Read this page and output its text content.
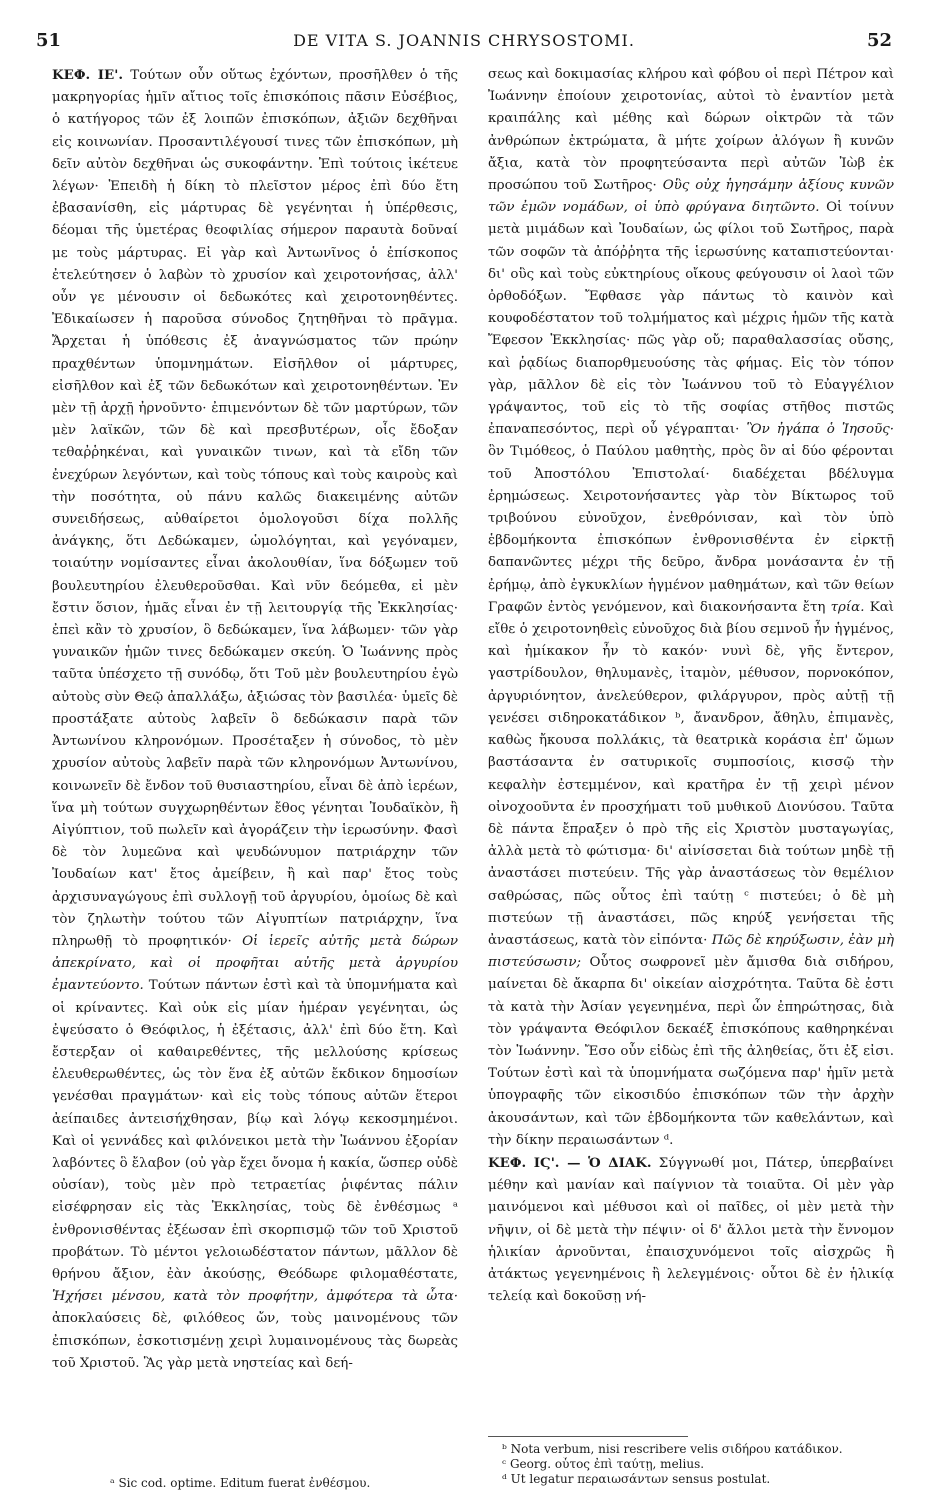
51	DE VITA S. JOANNIS CHRYSOSTOMI.	52

ΚΕΦ. ΙΕ'. Τούτων οὖν οὕτως ἐχόντων, προσῆλθεν ὁ τῆς μακρηγορίας ἡμῖν αἴτιος τοῖς ἐπισκόποις πᾶσιν Εὐσέβιος, ὁ κατήγορος τῶν ἐξ λοιπῶν ἐπισκόπων, ἀξιῶν δεχθῆναι εἰς κοινωνίαν. Προσαντιλέγουσί τινες τῶν ἐπισκόπων, μὴ δεῖν αὐτὸν δεχθῆναι ὡς συκοφάντην. Ἐπὶ τούτοις ἱκέτευε λέγων· Ἐπειδὴ ἡ δίκη τὸ πλεῖστον μέρος ἐπὶ δύο ἔτη ἐβασανίσθη, εἰς μάρτυρας δὲ γεγένηται ἡ ὑπέρθεσις, δέομαι τῆς ὑμετέρας θεοφιλίας σήμερον παραυτὰ δοῦναί με τοὺς μάρτυρας. Εἰ γὰρ καὶ Ἀντωνῖνος ὁ ἐπίσκοπος ἐτελεύτησεν ὁ λαβὼν τὸ χρυσίον καὶ χειροτονήσας, ἀλλ' οὖν γε μένουσιν οἱ δεδωκότες καὶ χειροτονηθέντες. Ἐδικαίωσεν ἡ παροῦσα σύνοδος ζητηθῆναι τὸ πρᾶγμα. Ἄρχεται ἡ ὑπόθεσις ἐξ ἀναγνώσματος τῶν πρώην πραχθέντων ὑπομνημάτων. Εἰσῆλθον οἱ μάρτυρες, εἰσῆλθον καὶ ἐξ τῶν δεδωκότων καὶ χειροτονηθέντων. Ἐν μὲν τῇ ἀρχῇ ἠρνοῦντο· ἐπιμενόντων δὲ τῶν μαρτύρων, τῶν μὲν λαϊκῶν, τῶν δὲ καὶ πρεσβυτέρων, οἷς ἔδοξαν τεθαῤῥηκέναι, καὶ γυναικῶν τινων, καὶ τὰ εἴδη τῶν ἐνεχύρων λεγόντων, καὶ τοὺς τόπους καὶ τοὺς καιροὺς καὶ τὴν ποσότητα, οὐ πάνυ καλῶς διακειμένης αὐτῶν συνειδήσεως, αὐθαίρετοι ὁμολογοῦσι δίχα πολλῆς ἀνάγκης, ὅτι Δεδώκαμεν, ὡμολόγηται, καὶ γεγόναμεν, τοιαύτην νομίσαντες εἶναι ἀκολουθίαν, ἵνα δόξωμεν τοῦ βουλευτηρίου ἐλευθεροῦσθαι. Καὶ νῦν δεόμεθα, εἰ μὲν ἔστιν ὅσιον, ἡμᾶς εἶναι ἐν τῇ λειτουργίᾳ τῆς Ἐκκλησίας· ἐπεὶ κἂν τὸ χρυσίον, ὃ δεδώκαμεν, ἵνα λάβωμεν· τῶν γὰρ γυναικῶν ἡμῶν τινες δεδώκαμεν σκεύη. Ὁ Ἰωάννης πρὸς ταῦτα ὑπέσχετο τῇ συνόδῳ, ὅτι Τοῦ μὲν βουλευτηρίου ἐγὼ αὐτοὺς σὺν Θεῷ ἀπαλλάξω, ἀξιώσας τὸν βασιλέα· ὑμεῖς δὲ προστάξατε αὐτοὺς λαβεῖν ὃ δεδώκασιν παρὰ τῶν Ἀντωνίνου κληρονόμων. Προσέταξεν ἡ σύνοδος, τὸ μὲν χρυσίον αὐτοὺς λαβεῖν παρὰ τῶν κληρονόμων Ἀντωνίνου, κοινωνεῖν δὲ ἔνδον τοῦ θυσιαστηρίου, εἶναι δὲ ἀπὸ ἱερέων, ἵνα μὴ τούτων συγχωρηθέντων ἔθος γένηται Ἰουδαϊκὸν, ἢ Αἰγύπτιον, τοῦ πωλεῖν καὶ ἀγοράζειν τὴν ἱερωσύνην. Φασὶ δὲ τὸν λυμεῶνα καὶ ψευδώνυμον πατριάρχην τῶν Ἰουδαίων κατ' ἔτος ἀμείβειν, ἢ καὶ παρ' ἔτος τοὺς ἀρχισυναγώγους ἐπὶ συλλογῇ τοῦ ἀργυρίου, ὁμοίως δὲ καὶ τὸν ζηλωτὴν τούτου τῶν Αἰγυπτίων πατριάρχην, ἵνα πληρωθῇ τὸ προφητικόν· Οἱ ἱερεῖς αὐτῆς μετὰ δώρων ἀπεκρίνατο, καὶ οἱ προφῆται αὐτῆς μετὰ ἀργυρίου ἐμαντεύοντο. Τούτων πάντων ἐστὶ καὶ τὰ ὑπομνήματα καὶ οἱ κρίναντες. Καὶ οὐκ εἰς μίαν ἡμέραν γεγένηται, ὡς ἐψεύσατο ὁ Θεόφιλος, ἡ ἐξέτασις, ἀλλ' ἐπὶ δύο ἔτη. Καὶ ἔστερξαν οἱ καθαιρεθέντες, τῆς μελλούσης κρίσεως ἐλευθερωθέντες, ὡς τὸν ἕνα ἐξ αὐτῶν ἔκδικον δημοσίων γενέσθαι πραγμάτων· καὶ εἰς τοὺς τόπους αὐτῶν ἕτεροι ἀείπαιδες ἀντεισήχθησαν, βίῳ καὶ λόγῳ κεκοσμημένοι. Καὶ οἱ γεννάδες καὶ φιλόνεικοι μετὰ τὴν Ἰωάννου ἐξορίαν λαβόντες ὃ ἔλαβον (οὐ γὰρ ἔχει ὄνομα ἡ κακία, ὥσπερ οὐδὲ οὐσίαν), τοὺς μὲν πρὸ τετραετίας ῥιφέντας πάλιν εἰσέφρησαν εἰς τὰς Ἐκκλησίας, τοὺς δὲ ἐνθέσμως ᵃ ἐνθρονισθέντας ἐξέωσαν ἐπὶ σκορπισμῷ τῶν τοῦ Χριστοῦ προβάτων. Τὸ μέντοι γελοιωδέστατον πάντων, μᾶλλον δὲ θρήνου ἄξιον, ἐὰν ἀκούσῃς, Θεόδωρε φιλομαθέστατε, Ἠχήσει μένσου, κατὰ τὸν προφήτην, ἀμφότερα τὰ ὦτα· ἀποκλαύσεις δὲ, φιλόθεος ὤν, τοὺς μαινομένους τῶν ἐπισκόπων, ἐσκοτισμένῃ χειρὶ λυμαινομένους τὰς δωρεὰς τοῦ Χριστοῦ. Ἃς γὰρ μετὰ νηστείας καὶ δεή-

σεως καὶ δοκιμασίας κλήρου καὶ φόβου οἱ περὶ Πέτρον καὶ Ἰωάννην ἐποίουν χειροτονίας, αὐτοὶ τὸ ἐναντίον μετὰ κραιπάλης καὶ μέθης καὶ δώρων οἰκτρῶν τὰ τῶν ἀνθρώπων ἐκτρώματα, ἃ μήτε χοίρων ἀλόγων ἢ κυνῶν ἄξια, κατὰ τὸν προφητεύσαντα περὶ αὐτῶν Ἰὼβ ἐκ προσώπου τοῦ Σωτῆρος· Οὓς οὐχ ἡγησάμην ἀξίους κυνῶν τῶν ἐμῶν νομάδων, οἱ ὑπὸ φρύγανα διητῶντο. Οἱ τοίνυν μετὰ μιμάδων καὶ Ἰουδαίων, ὡς φίλοι τοῦ Σωτῆρος, παρὰ τῶν σοφῶν τὰ ἀπόῤῥητα τῆς ἱερωσύνης καταπιστεύονται· δι' οὓς καὶ τοὺς εὐκτηρίους οἴκους φεύγουσιν οἱ λαοὶ τῶν ὀρθοδόξων. Ἔφθασε γὰρ πάντως τὸ καινὸν καὶ κουφοδέστατον τοῦ τολμήματος καὶ μέχρις ἡμῶν τῆς κατὰ Ἔφεσον Ἐκκλησίας· πῶς γὰρ οὔ; παραθαλασσίας οὔσης, καὶ ῥᾳδίως διαπορθμευούσης τὰς φήμας. Εἰς τὸν τόπον γὰρ, μᾶλλον δὲ εἰς τὸν Ἰωάννου τοῦ τὸ Εὐαγγέλιον γράψαντος, τοῦ εἰς τὸ τῆς σοφίας στῆθος πιστῶς ἐπαναπεσόντος, περὶ οὗ γέγραπται· Ὃν ἠγάπα ὁ Ἰησοῦς· ὃν Τιμόθεος, ὁ Παύλου μαθητὴς, πρὸς ὃν αἱ δύο φέρονται τοῦ Ἀποστόλου Ἐπιστολαί· διαδέχεται βδέλυγμα ἐρημώσεως. Χειροτονήσαντες γὰρ τὸν Βίκτωρος τοῦ τριβούνου εὐνοῦχον, ἐνεθρόνισαν, καὶ τὸν ὑπὸ ἑβδομήκοντα ἐπισκόπων ἐνθρονισθέντα ἐν εἱρκτῇ δαπανῶντες μέχρι τῆς δεῦρο, ἄνδρα μονάσαντα ἐν τῇ ἐρήμῳ, ἀπὸ ἐγκυκλίων ἡγμένον μαθημάτων, καὶ τῶν θείων Γραφῶν ἐντὸς γενόμενον, καὶ διακονήσαντα ἔτη τρία. Καὶ εἴθε ὁ χειροτονηθεὶς εὐνοῦχος διὰ βίου σεμνοῦ ἦν ἡγμένος, καὶ ἠμίκακον ἦν τὸ κακόν· νυνὶ δὲ, γῆς ἔντερον, γαστρίδουλον, θηλυμανὲς, ἰταμὸν, μέθυσον, πορνοκόπον, ἀργυριόνητον, ἀνελεύθερον, φιλάργυρον, πρὸς αὐτῇ τῇ γενέσει σιδηροκατάδικον ᵇ, ἄνανδρον, ἄθηλυ, ἐπιμανὲς, καθὼς ἤκουσα πολλάκις, τὰ θεατρικὰ κοράσια ἐπ' ὤμων βαστάσαντα ἐν σατυρικοῖς συμποσίοις, κισσῷ τὴν κεφαλὴν ἐστεμμένον, καὶ κρατῆρα ἐν τῇ χειρὶ μένον οἰνοχοοῦντα ἐν προσχήματι τοῦ μυθικοῦ Διονύσου. Ταῦτα δὲ πάντα ἔπραξεν ὁ πρὸ τῆς εἰς Χριστὸν μυσταγωγίας, ἀλλὰ μετὰ τὸ φώτισμα· δι' αἰνίσσεται διὰ τούτων μηδὲ τῇ ἀναστάσει πιστεύειν. Τῆς γὰρ ἀναστάσεως τὸν θεμέλιον σαθρώσας, πῶς οὗτος ἐπὶ ταύτῃ ᶜ πιστεύει; ὁ δὲ μὴ πιστεύων τῇ ἀναστάσει, πῶς κηρύξ γενήσεται τῆς ἀναστάσεως, κατὰ τὸν εἰπόντα· Πῶς δὲ κηρύξωσιν, ἐὰν μὴ πιστεύσωσιν; Οὗτος σωφρονεῖ μὲν ἄμισθα διὰ σιδήρου, μαίνεται δὲ ἄκαρπα δι' οἰκείαν αἰσχρότητα. Ταῦτα δὲ ἐστι τὰ κατὰ τὴν Ἀσίαν γεγενημένα, περὶ ὧν ἐπηρώτησας, διὰ τὸν γράψαντα Θεόφιλον δεκαέξ ἐπισκόπους καθηρηκέναι τὸν Ἰωάννην. Ἔσο οὖν εἰδὼς ἐπὶ τῆς ἀληθείας, ὅτι ἐξ εἰσι. Τούτων ἐστὶ καὶ τὰ ὑπομνήματα σωζόμενα παρ' ἡμῖν μετὰ ὑπογραφῆς τῶν εἰκοσιδύο ἐπισκόπων τῶν τὴν ἀρχὴν ἀκουσάντων, καὶ τῶν ἑβδομήκοντα τῶν καθελάντων, καὶ τὴν δίκην περαιωσάντων ᵈ.

ΚΕΦ. ΙϚ'. — Ὁ ΔΙΑΚ. Σύγγνωθί μοι, Πάτερ, ὑπερβαίνει μέθην καὶ μανίαν καὶ παίγνιον τὰ τοιαῦτα. Οἱ μὲν γὰρ μαινόμενοι καὶ μέθυσοι καὶ οἱ παῖδες, οἱ μὲν μετὰ τὴν νῆψιν, οἱ δὲ μετὰ τὴν πέψιν· οἱ δ' ἄλλοι μετὰ τὴν ἔννομον ἡλικίαν ἀρνοῦνται, ἐπαισχυνόμενοι τοῖς αἰσχρῶς ἢ ἀτάκτως γεγενημένοις ἢ λελεγμένοις· οὗτοι δὲ ἐν ἡλικίᾳ τελείᾳ καὶ δοκοῦσῃ νή-

ᵃ Sic cod. optime. Editum fuerat ἐνθέσμου.
ᵇ Nota verbum, nisi rescribere velis σιδήρου κατάδικον.
ᶜ Georg. οὗτος ἐπὶ ταύτῃ, melius.
ᵈ Ut legatur περαιωσάντων sensus postulat.
